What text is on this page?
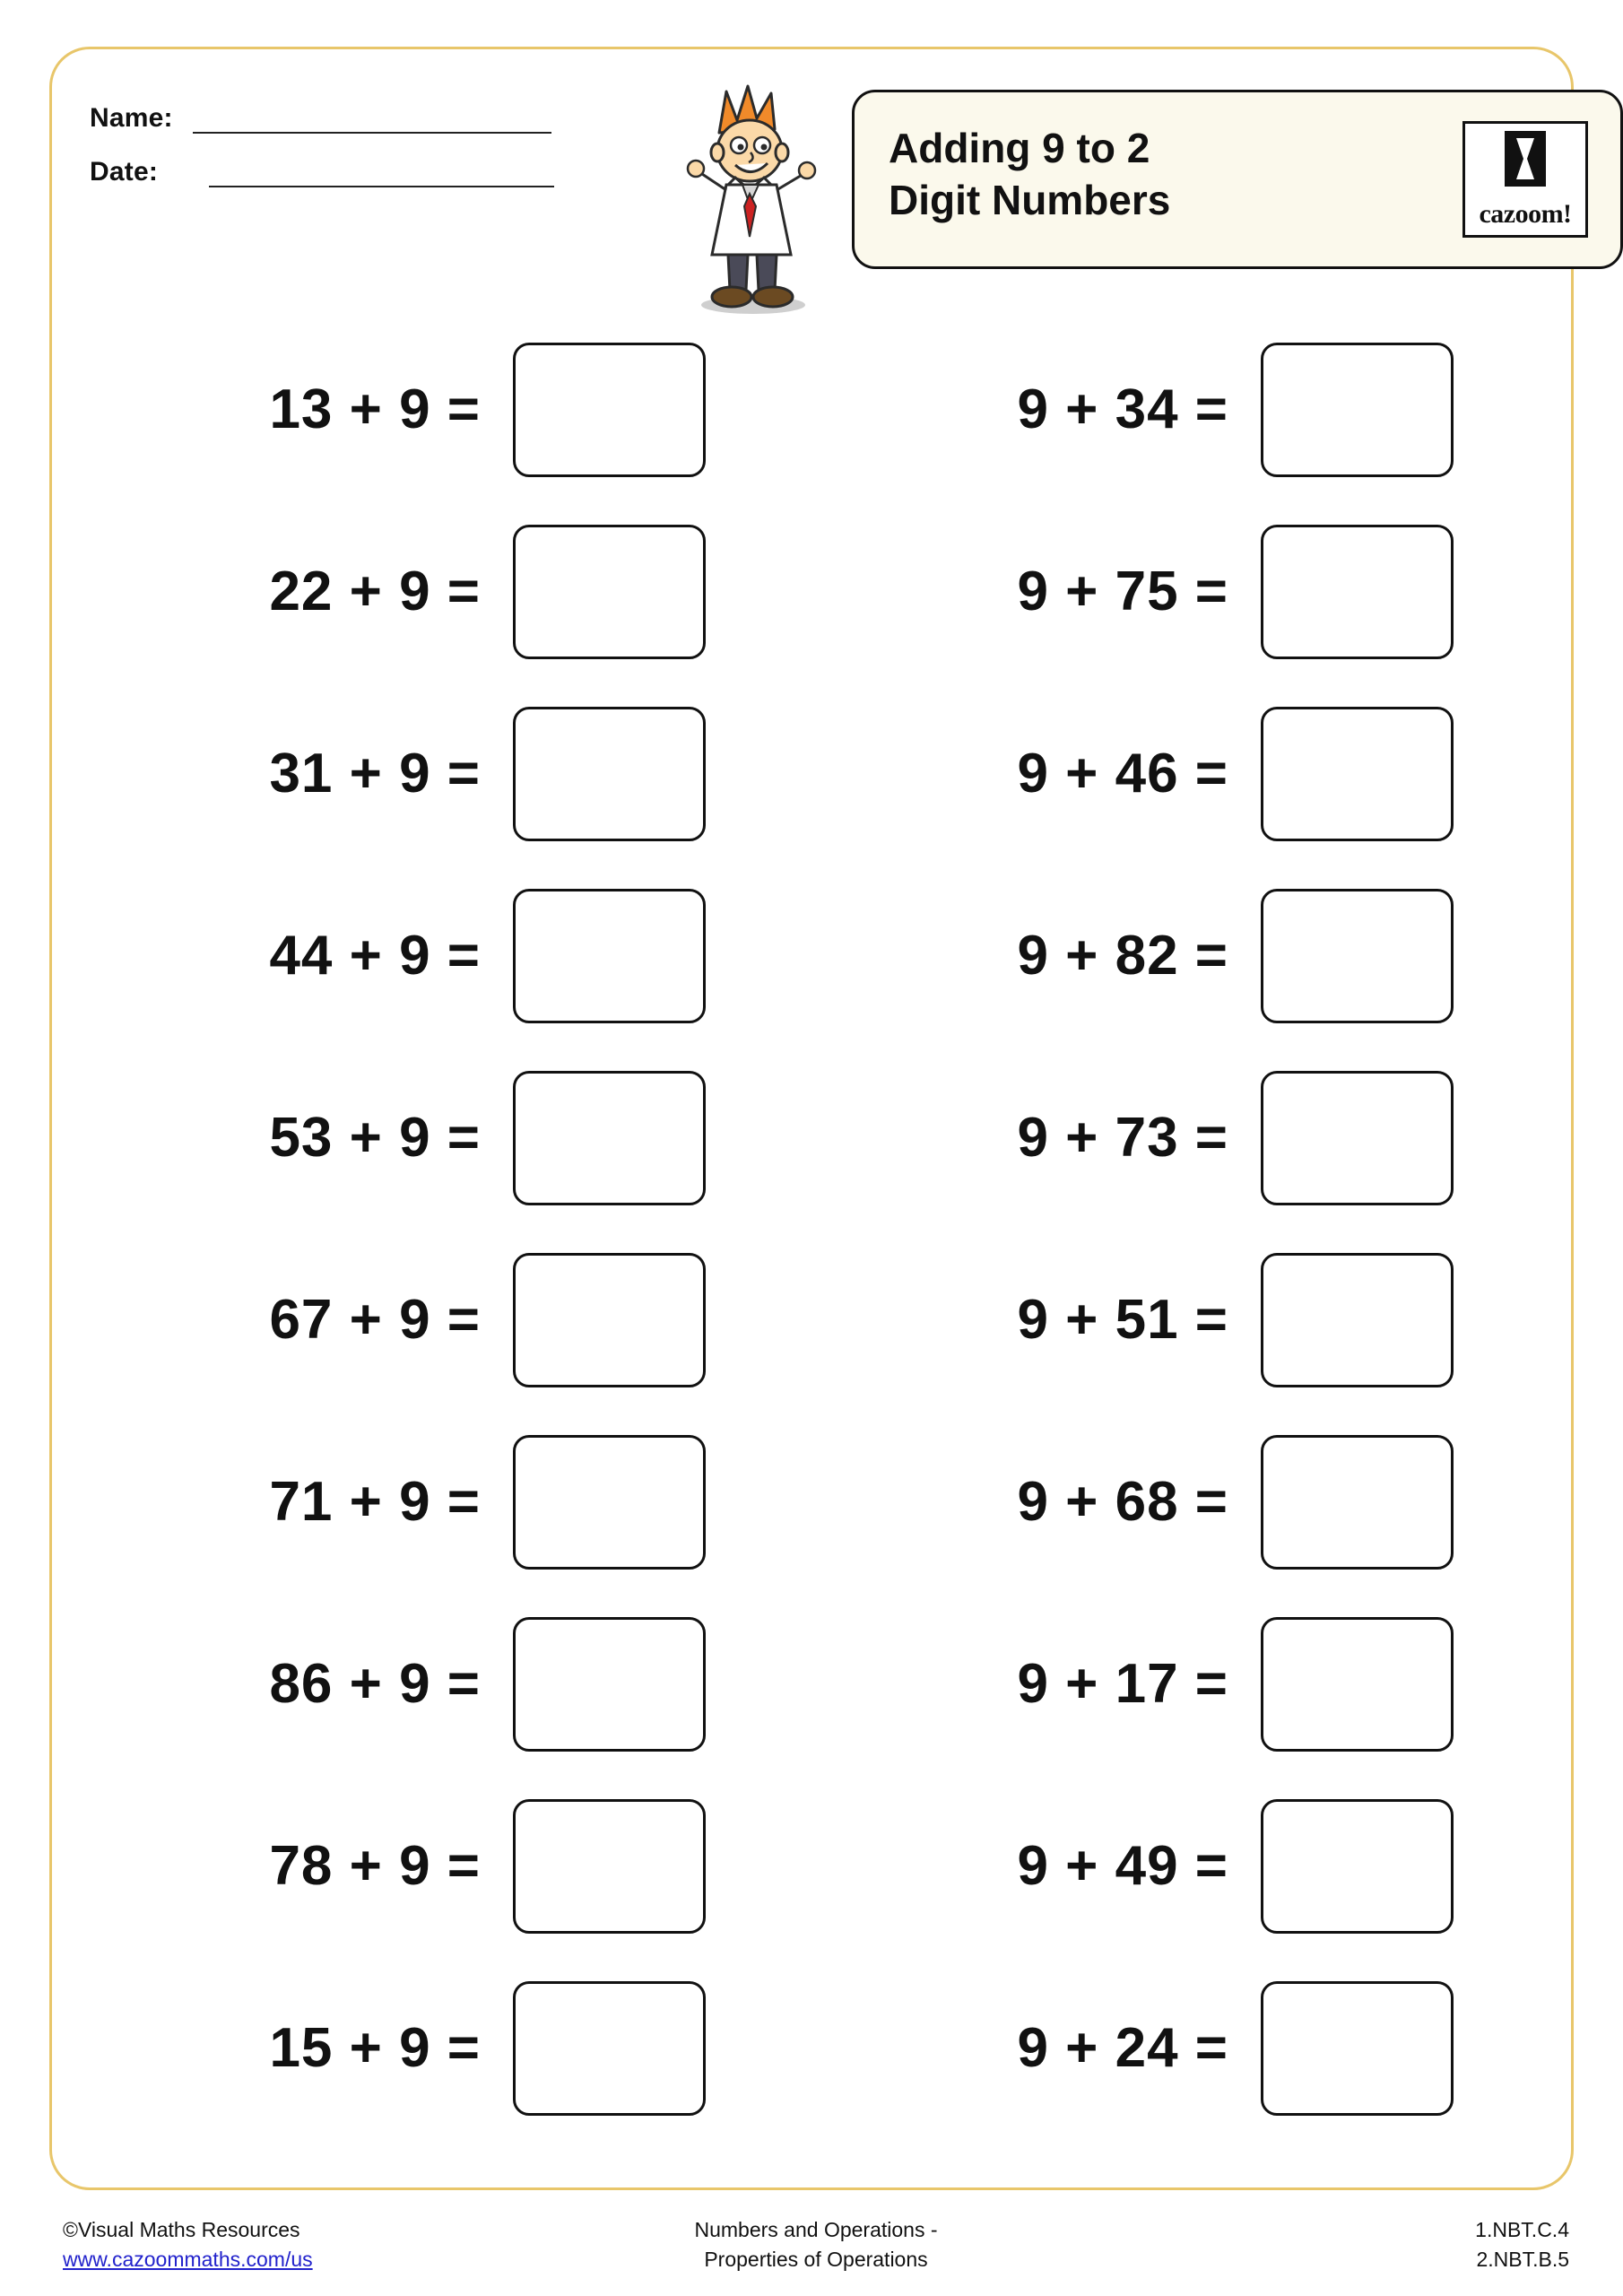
Name:
Date:
Adding 9 to 2
Digit Numbers	cazoom!
13 + 9 =	9 + 34 =
22 + 9 =	9 + 75 =
31 + 9 =	9 + 46 =
44 + 9 =	9 + 82 =
53 + 9 =	9 + 73 =
67 + 9 =	9 + 51 =
71 + 9 =	9 + 68 =
86 + 9 =	9 + 17 =
78 + 9 =	9 + 49 =
15 + 9 =	9 + 24 =
©Visual Maths Resources
www.cazoommaths.com/us
Numbers and Operations -
Properties of Operations
1.NBT.C.4
2.NBT.B.5
